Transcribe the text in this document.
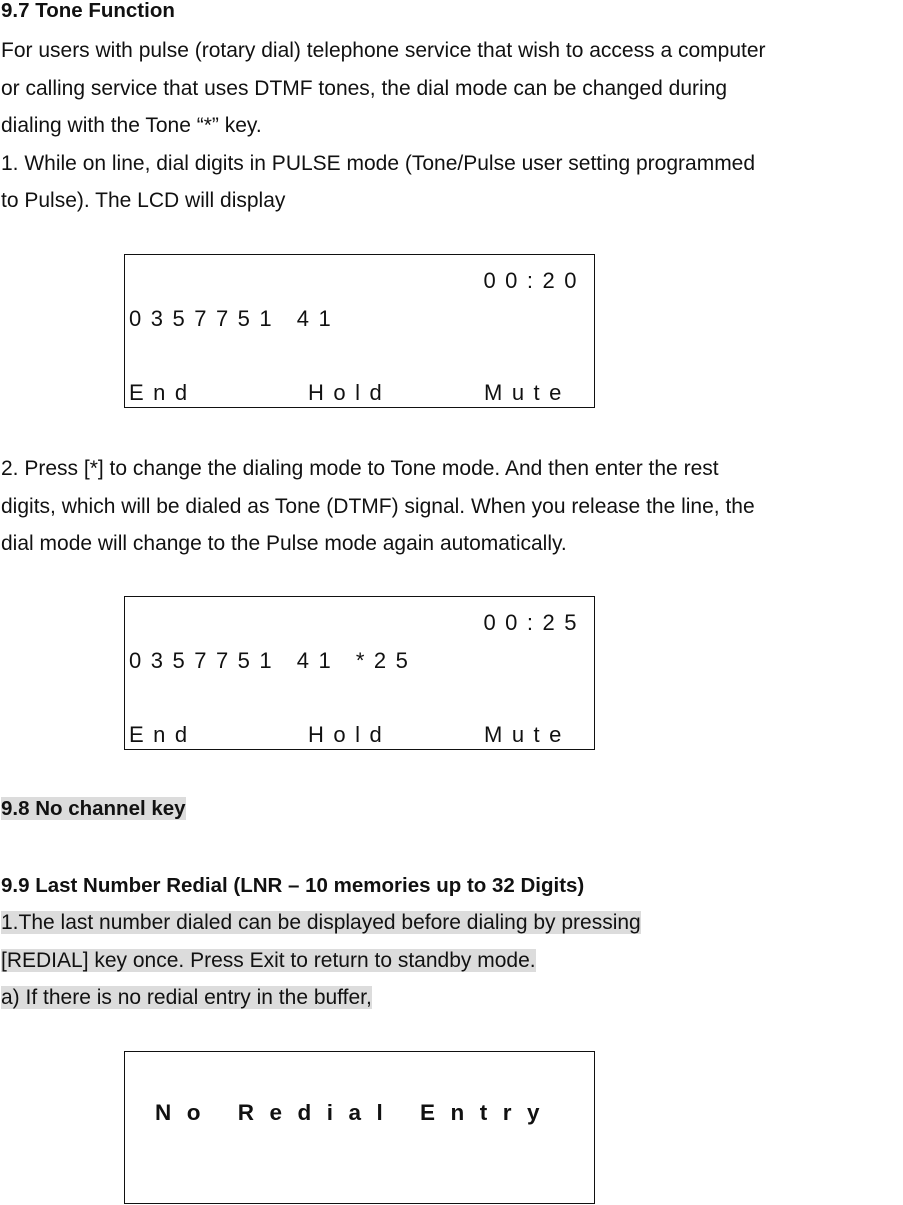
9.7 Tone Function

For users with pulse (rotary dial) telephone service that wish to access a computer
or calling service that uses DTMF tones, the dial mode can be changed during
dialing with the Tone “*” key.
1. While on line, dial digits in PULSE mode (Tone/Pulse user setting programmed
to Pulse). The LCD will display

00:20
0357751 41
End	Hold	Mute

2. Press [*] to change the dialing mode to Tone mode. And then enter the rest
digits, which will be dialed as Tone (DTMF) signal. When you release the line, the
dial mode will change to the Pulse mode again automatically.

00:25
0357751 41 *25
End	Hold	Mute
9.8 No channel key
9.9 Last Number Redial (LNR – 10 memories up to 32 Digits)

1.The last number dialed can be displayed before dialing by pressing
[REDIAL] key once. Press Exit to return to standby mode.
a) If there is no redial entry in the buffer,

No Redial Entry
